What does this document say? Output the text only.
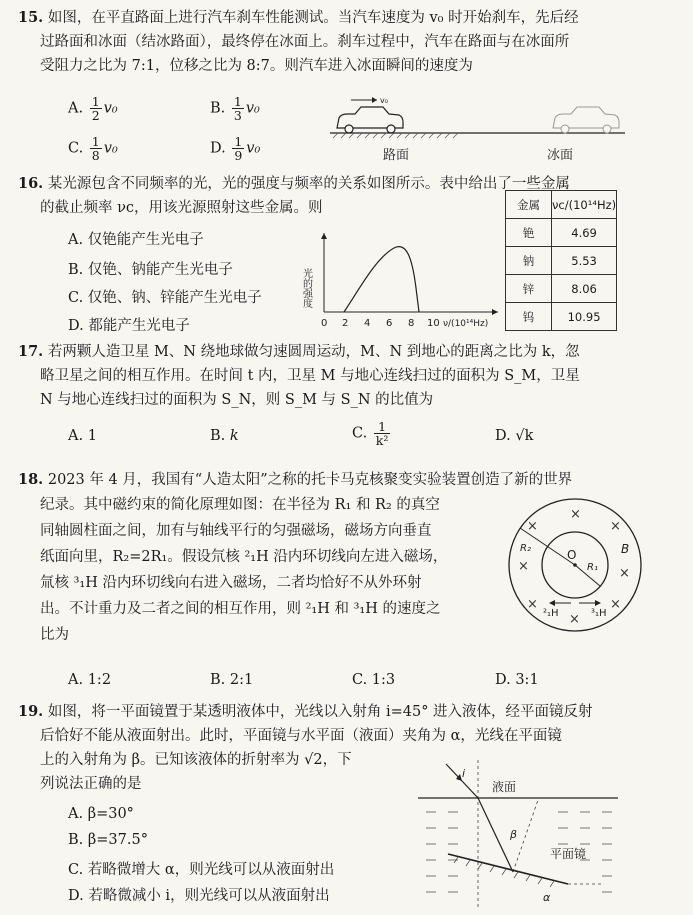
15. 如图，在平直路面上进行汽车刹车性能测试。当汽车速度为 v₀ 时开始刹车，先后经
过路面和冰面（结冰路面），最终停在冰面上。刹车过程中，汽车在路面与在冰面所
受阻力之比为 7:1，位移之比为 8:7。则汽车进入冰面瞬间的速度为
A. $\frac{1}{2} v_0$	B. $\frac{1}{3} v_0$
C. $\frac{1}{8} v_0$	D. $\frac{1}{9} v_0$
v₀
路面	冰面
16. 某光源包含不同频率的光，光的强度与频率的关系如图所示。表中给出了一些金属
的截止频率 νc，用该光源照射这些金属。则
A. 仅铯能产生光电子
B. 仅铯、钠能产生光电子
C. 仅铯、钠、锌能产生光电子
D. 都能产生光电子
光的强度
0 2 4 6 8 10 ν/(10¹⁴Hz)
金属	νc/(10¹⁴Hz)
铯	4.69
钠	5.53
锌	8.06
钨	10.95
17. 若两颗人造卫星 M、N 绕地球做匀速圆周运动，M、N 到地心的距离之比为 k，忽
略卫星之间的相互作用。在时间 t 内，卫星 M 与地心连线扫过的面积为 S_M，卫星
N 与地心连线扫过的面积为 S_N，则 S_M 与 S_N 的比值为
A. 1	B. k	C. $\frac{1}{\text{k²}}$	D. √k
18. 2023 年 4 月，我国有“人造太阳”之称的托卡马克核聚变实验装置创造了新的世界
纪录。其中磁约束的简化原理如图：在半径为 R₁ 和 R₂ 的真空
同轴圆柱面之间，加有与轴线平行的匀强磁场，磁场方向垂直
纸面向里，R₂=2R₁。假设氘核 ²₁H 沿内环切线向左进入磁场，
氚核 ³₁H 沿内环切线向右进入磁场，二者均恰好不从外环射
出。不计重力及二者之间的相互作用，则 ²₁H 和 ³₁H 的速度之
比为
A. 1:2	B. 2:1	C. 1:3	D. 3:1
O
R₁
R₂	B
×
×
×
×	×
×	×
×
²₁H	³₁H
19. 如图，将一平面镜置于某透明液体中，光线以入射角 i=45° 进入液体，经平面镜反射
后恰好不能从液面射出。此时，平面镜与水平面（液面）夹角为 α，光线在平面镜
上的入射角为 β。已知该液体的折射率为 √2，下
列说法正确的是
A. β=30°
B. β=37.5°
C. 若略微增大 α，则光线可以从液面射出
D. 若略微减小 i，则光线可以从液面射出
液面
i
β
α
平面镜
